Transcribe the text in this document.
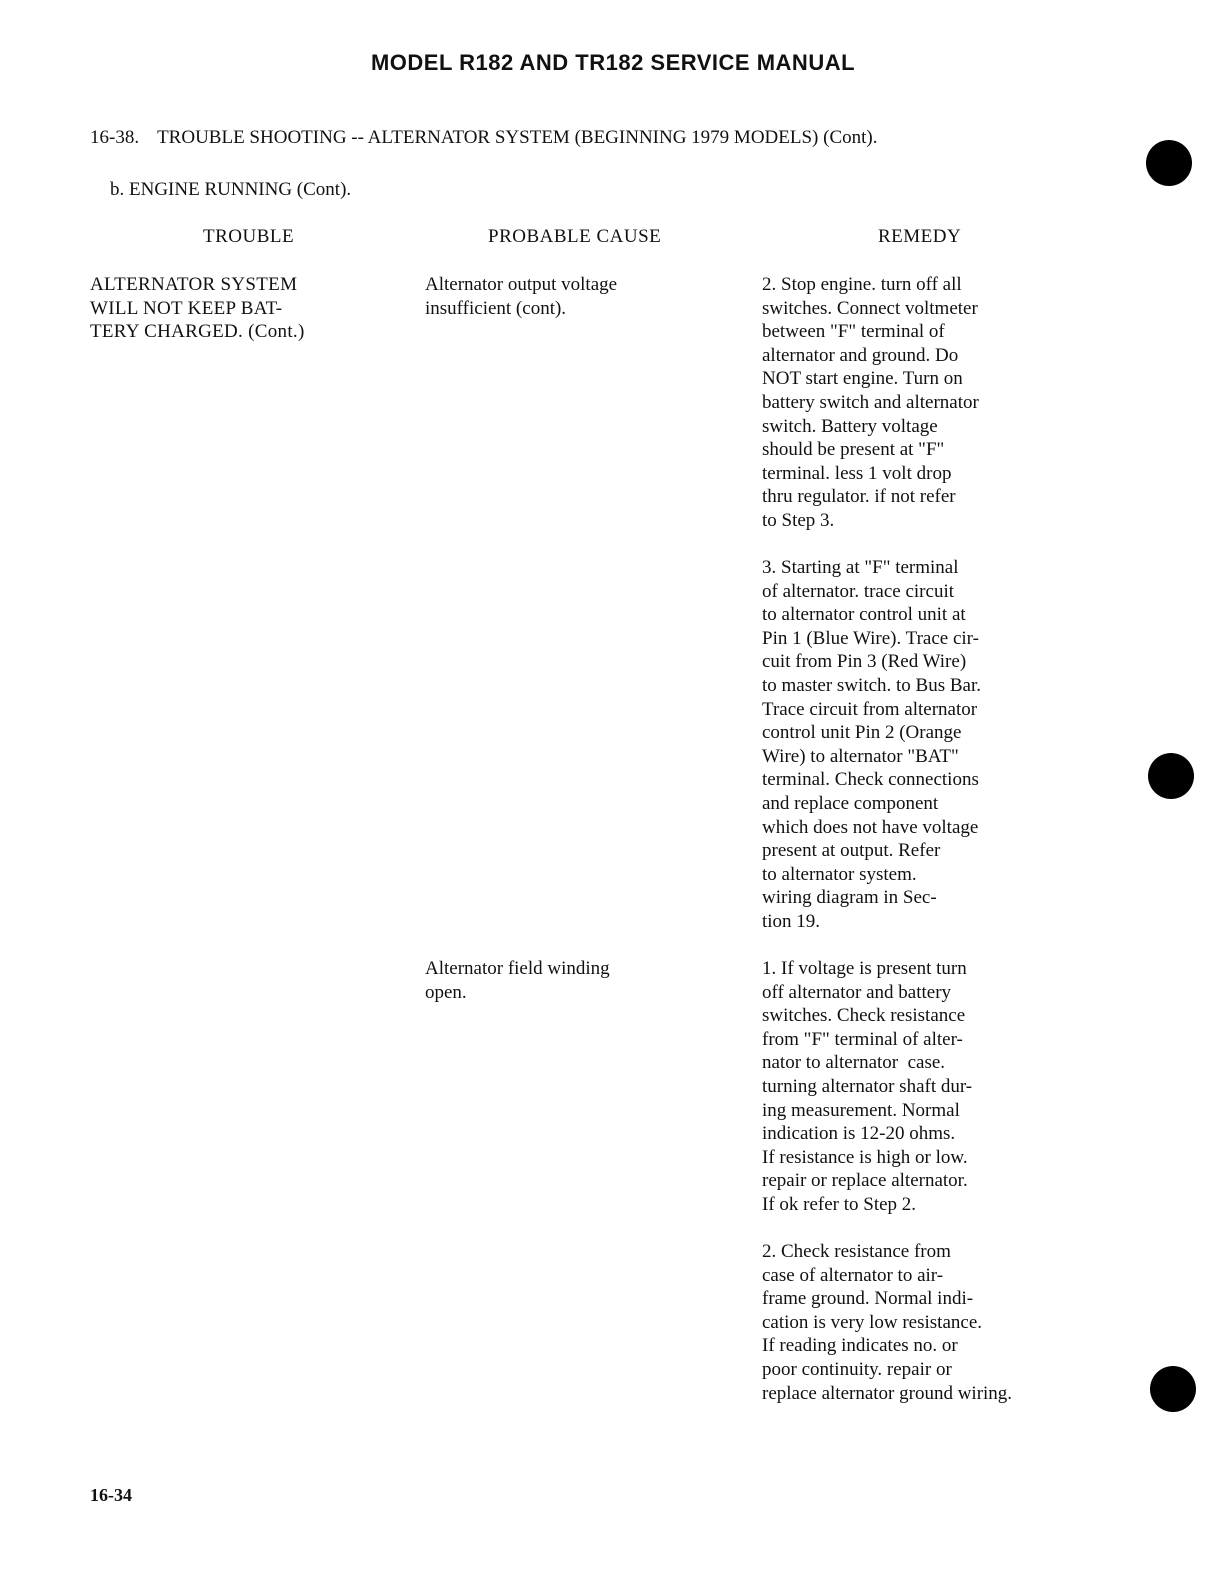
MODEL R182 AND TR182 SERVICE MANUAL
16-38. TROUBLE SHOOTING -- ALTERNATOR SYSTEM (BEGINNING 1979 MODELS) (Cont).
b. ENGINE RUNNING (Cont).
TROUBLE	PROBABLE CAUSE	REMEDY
ALTERNATOR SYSTEM
WILL NOT KEEP BAT-
TERY CHARGED. (Cont.)
Alternator output voltage
insufficient (cont).
Alternator field winding
open.
2. Stop engine. turn off all
switches. Connect voltmeter
between "F" terminal of
alternator and ground. Do
NOT start engine. Turn on
battery switch and alternator
switch. Battery voltage
should be present at "F"
terminal. less 1 volt drop
thru regulator. if not refer
to Step 3.
3. Starting at "F" terminal
of alternator. trace circuit
to alternator control unit at
Pin 1 (Blue Wire). Trace cir-
cuit from Pin 3 (Red Wire)
to master switch. to Bus Bar.
Trace circuit from alternator
control unit Pin 2 (Orange
Wire) to alternator "BAT"
terminal. Check connections
and replace component
which does not have voltage
present at output. Refer
to alternator system.
wiring diagram in Sec-
tion 19.
1. If voltage is present turn
off alternator and battery
switches. Check resistance
from "F" terminal of alter-
nator to alternator  case.
turning alternator shaft dur-
ing measurement. Normal
indication is 12-20 ohms.
If resistance is high or low.
repair or replace alternator.
If ok refer to Step 2.
2. Check resistance from
case of alternator to air-
frame ground. Normal indi-
cation is very low resistance.
If reading indicates no. or
poor continuity. repair or
replace alternator ground wiring.
16-34
